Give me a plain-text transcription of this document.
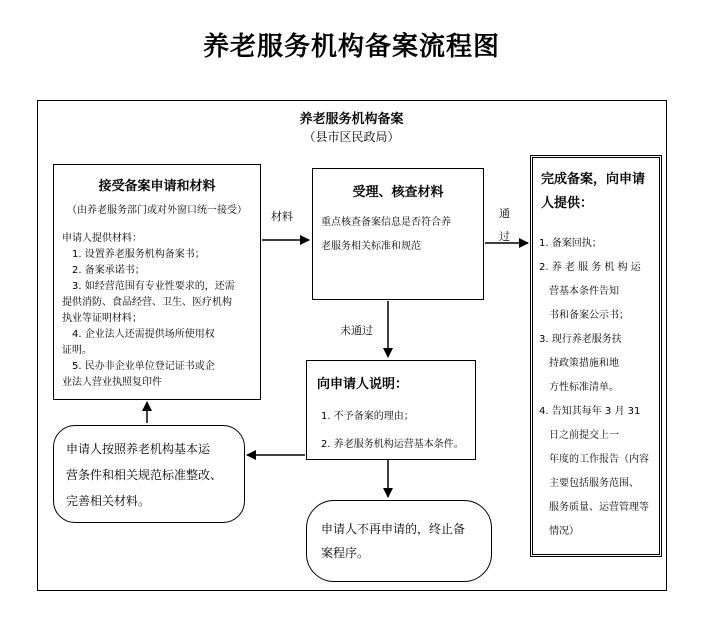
养老服务机构备案流程图
养老服务机构备案
（县市区民政局）
接受备案申请和材料
（由养老服务部门或对外窗口统一接受）

申请人提供材料：

1. 设置养老服务机构备案书；

2. 备案承诺书；

3. 如经营范围有专业性要求的，还需

提供消防、食品经营、卫生、医疗机构

执业等证明材料；

4. 企业法人还需提供场所使用权

证明。

5. 民办非企业单位登记证书或企

业法人营业执照复印件

受理、核查材料

重点核查备案信息是否符合养

老服务相关标准和规范

完成备案，向申请

人提供：

1. 备案回执；

2. 养 老 服 务 机 构 运

营基本条件告知

书和备案公示书；

3. 现行养老服务扶

持政策措施和地

方性标准清单。

4. 告知其每年 3 月 31

日之前提交上一

年度的工作报告（内容

主要包括服务范围、

服务质量、运营管理等

情况）

向申请人说明：

1. 不予备案的理由；

2. 养老服务机构运营基本条件。

申请人按照养老机构基本运

营条件和相关规范标准整改、

完善相关材料。

申请人不再申请的，终止备

案程序。

材料	通
过
未通过
